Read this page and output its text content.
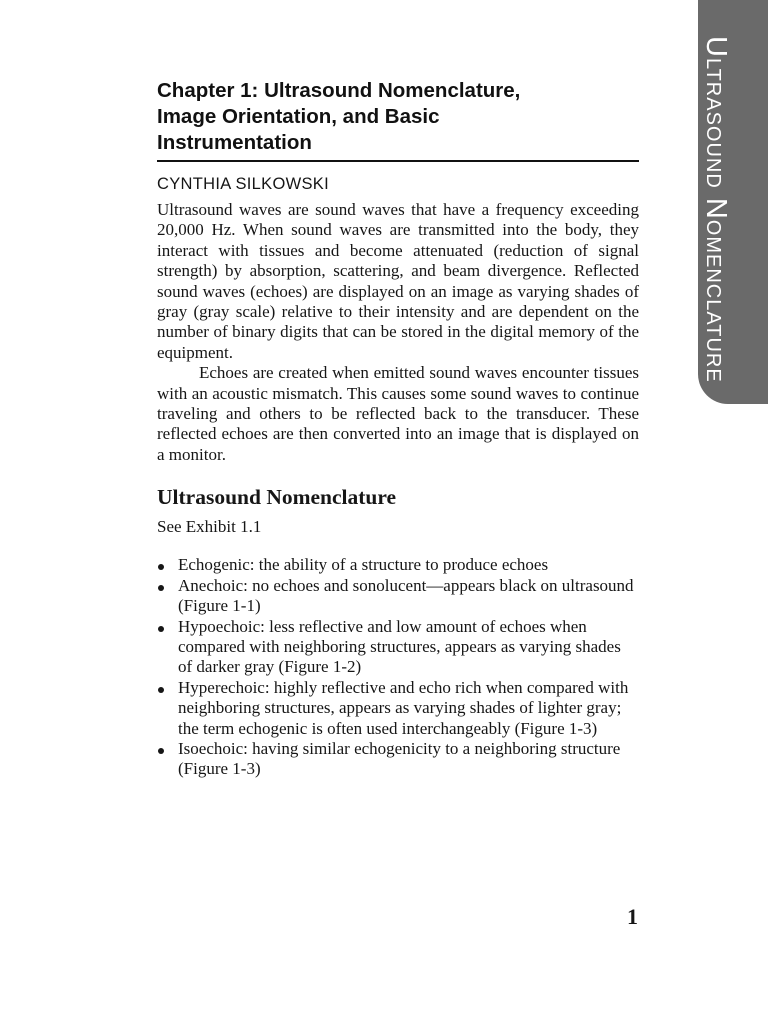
Ultrasound Nomenclature
Chapter 1: Ultrasound Nomenclature,
Image Orientation, and Basic
Instrumentation
CYNTHIA SILKOWSKI

Ultrasound waves are sound waves that have a frequency exceeding 20,000 Hz. When sound waves are transmitted into the body, they interact with tissues and become attenuated (reduction of signal strength) by absorption, scattering, and beam divergence. Reflected sound waves (echoes) are displayed on an image as varying shades of gray (gray scale) relative to their intensity and are dependent on the number of binary digits that can be stored in the digital memory of the equipment.

Echoes are created when emitted sound waves encounter tissues with an acoustic mismatch. This causes some sound waves to continue traveling and others to be reflected back to the transducer. These reflected echoes are then converted into an image that is displayed on a monitor.

Ultrasound Nomenclature

See Exhibit 1.1

Echogenic: the ability of a structure to produce echoes
Anechoic: no echoes and sonolucent—appears black on ultrasound (Figure 1-1)
Hypoechoic: less reflective and low amount of echoes when compared with neighboring structures, appears as varying shades of darker gray (Figure 1-2)
Hyperechoic: highly reflective and echo rich when compared with neighboring structures, appears as varying shades of lighter gray; the term echogenic is often used interchangeably (Figure 1-3)
Isoechoic: having similar echogenicity to a neighboring structure (Figure 1-3)
1
